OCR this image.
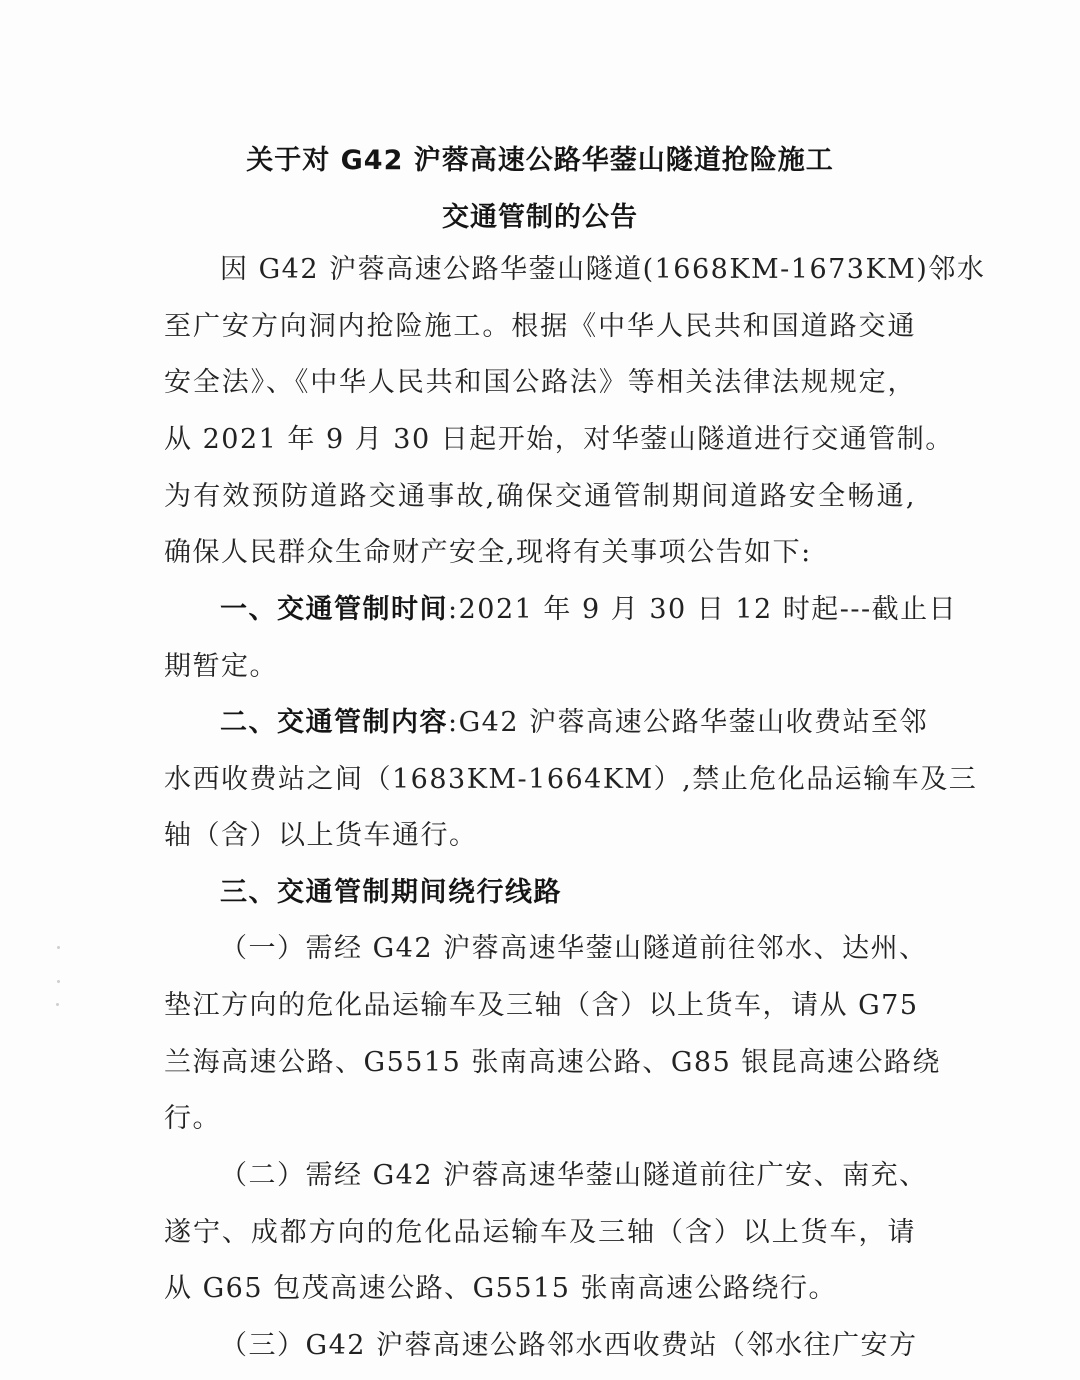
关于对 G42 沪蓉高速公路华蓥山隧道抢险施工
交通管制的公告
因 G42 沪蓉高速公路华蓥山隧道(1668KM-1673KM)邻水
至广安方向洞内抢险施工。根据《中华人民共和国道路交通
安全法》、《中华人民共和国公路法》等相关法律法规规定，
从 2021 年 9 月 30 日起开始，对华蓥山隧道进行交通管制。
为有效预防道路交通事故,确保交通管制期间道路安全畅通,
确保人民群众生命财产安全,现将有关事项公告如下:
一、交通管制时间:2021 年 9 月 30 日 12 时起---截止日
期暂定。
二、交通管制内容:G42 沪蓉高速公路华蓥山收费站至邻
水西收费站之间（1683KM-1664KM）,禁止危化品运输车及三
轴（含）以上货车通行。
三、交通管制期间绕行线路
（一）需经 G42 沪蓉高速华蓥山隧道前往邻水、达州、
垫江方向的危化品运输车及三轴（含）以上货车，请从 G75
兰海高速公路、G5515 张南高速公路、G85 银昆高速公路绕
行。
（二）需经 G42 沪蓉高速华蓥山隧道前往广安、南充、
遂宁、成都方向的危化品运输车及三轴（含）以上货车，请
从 G65 包茂高速公路、G5515 张南高速公路绕行。
（三）G42 沪蓉高速公路邻水西收费站（邻水往广安方
